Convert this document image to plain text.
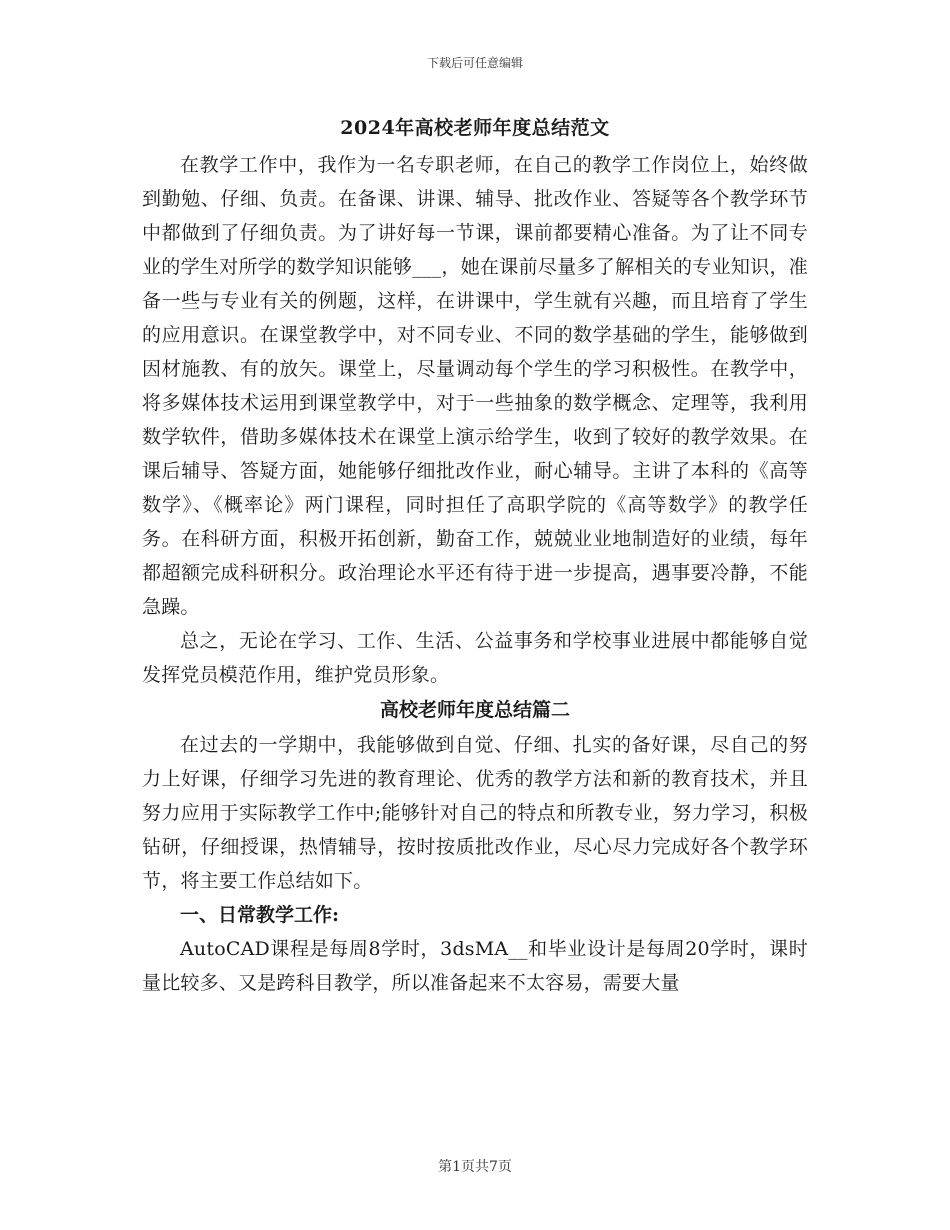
下载后可任意编辑
2024年高校老师年度总结范文

在教学工作中，我作为一名专职老师，在自己的教学工作岗位上，始终做到勤勉、仔细、负责。在备课、讲课、辅导、批改作业、答疑等各个教学环节中都做到了仔细负责。为了讲好每一节课，课前都要精心准备。为了让不同专业的学生对所学的数学知识能够___，她在课前尽量多了解相关的专业知识，准备一些与专业有关的例题，这样，在讲课中，学生就有兴趣，而且培育了学生的应用意识。在课堂教学中，对不同专业、不同的数学基础的学生，能够做到因材施教、有的放矢。课堂上，尽量调动每个学生的学习积极性。在教学中，将多媒体技术运用到课堂教学中，对于一些抽象的数学概念、定理等，我利用数学软件，借助多媒体技术在课堂上演示给学生，收到了较好的教学效果。在课后辅导、答疑方面，她能够仔细批改作业，耐心辅导。主讲了本科的《高等数学》、《概率论》两门课程，同时担任了高职学院的《高等数学》的教学任务。在科研方面，积极开拓创新，勤奋工作，兢兢业业地制造好的业绩，每年都超额完成科研积分。政治理论水平还有待于进一步提高，遇事要冷静，不能急躁。

总之，无论在学习、工作、生活、公益事务和学校事业进展中都能够自觉发挥党员模范作用，维护党员形象。

高校老师年度总结篇二

在过去的一学期中，我能够做到自觉、仔细、扎实的备好课，尽自己的努力上好课，仔细学习先进的教育理论、优秀的教学方法和新的教育技术，并且努力应用于实际教学工作中;能够针对自己的特点和所教专业，努力学习，积极钻研，仔细授课，热情辅导，按时按质批改作业，尽心尽力完成好各个教学环节，将主要工作总结如下。

一、日常教学工作:

AutoCAD课程是每周8学时，3dsMA__和毕业设计是每周20学时，课时量比较多、又是跨科目教学，所以准备起来不太容易，需要大量

第1页共7页
